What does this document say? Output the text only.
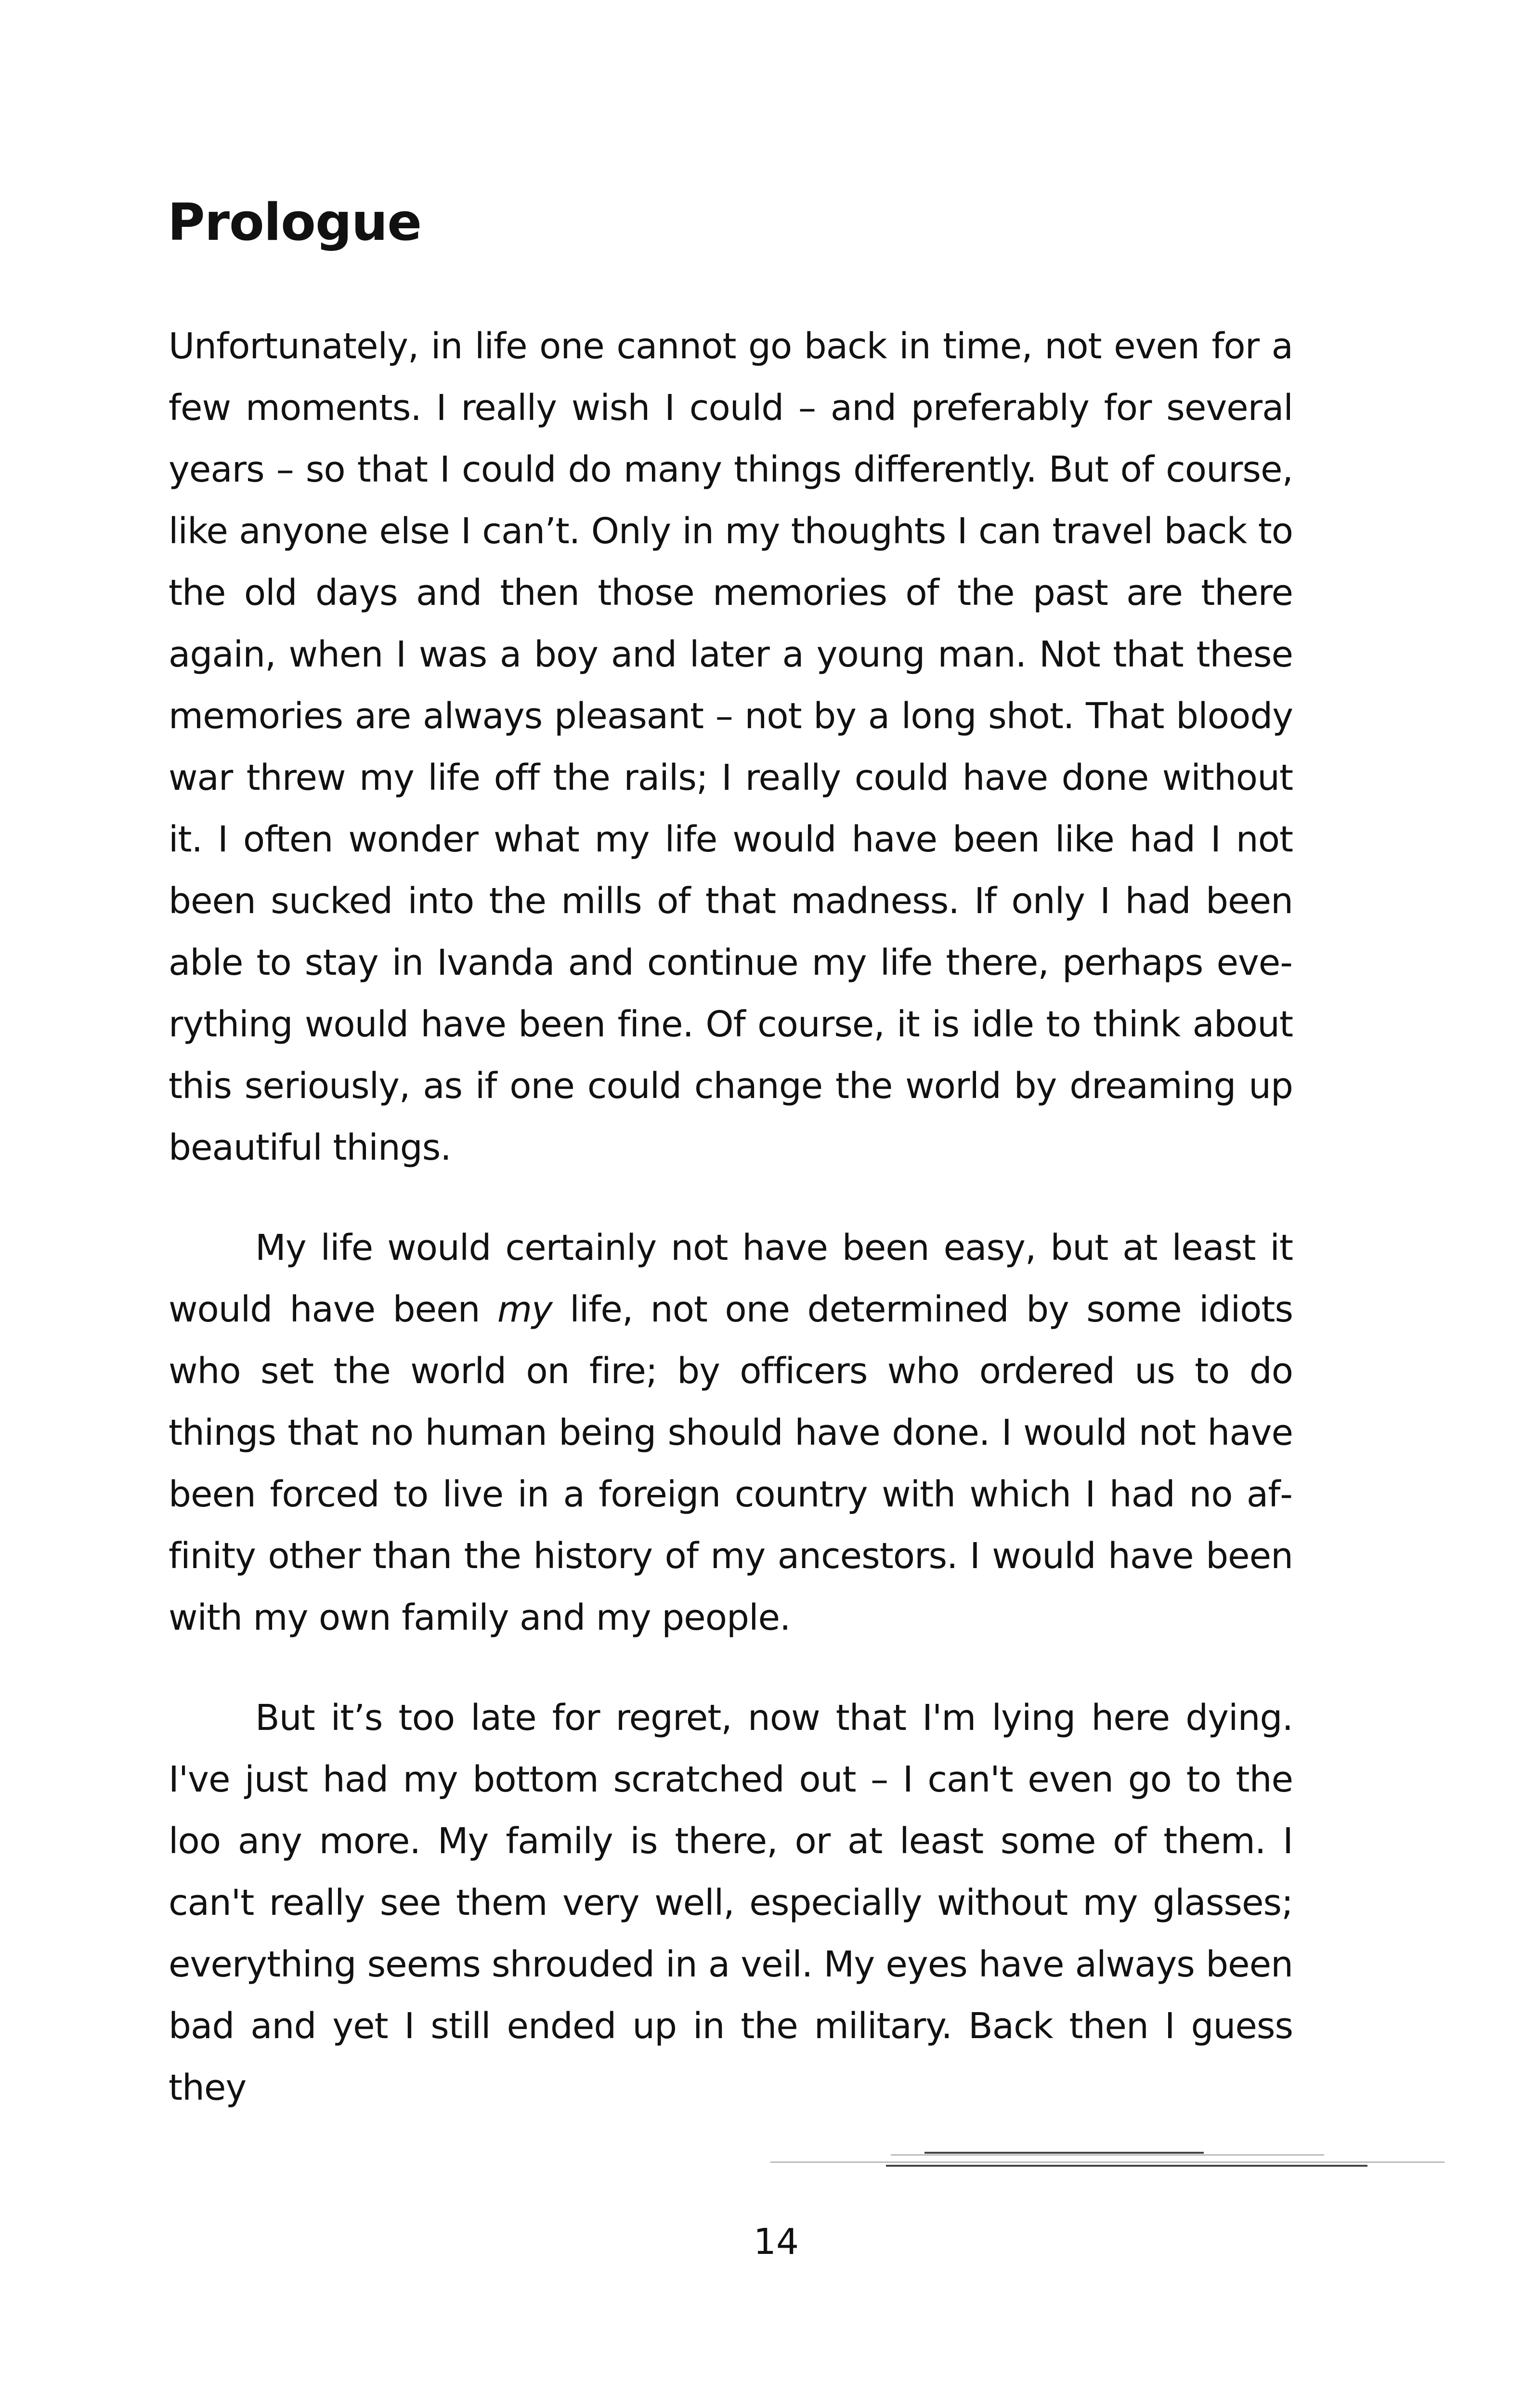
Prologue

Unfortunately, in life one cannot go back in time, not even for a few moments. I really wish I could – and preferably for several years – so that I could do many things differently. But of course, like anyone else I can’t. Only in my thoughts I can travel back to the old days and then those memories of the past are there again, when I was a boy and later a young man. Not that these memories are always pleasant – not by a long shot. That bloody war threw my life off the rails; I really could have done without it. I often wonder what my life would have been like had I not been sucked into the mills of that madness. If only I had been able to stay in Ivanda and continue my life there, perhaps everything would have been fine. Of course, it is idle to think about this seriously, as if one could change the world by dreaming up beautiful things.

My life would certainly not have been easy, but at least it would have been my life, not one determined by some idiots who set the world on fire; by officers who ordered us to do things that no human being should have done. I would not have been forced to live in a foreign country with which I had no affinity other than the history of my ancestors. I would have been with my own family and my people.

But it’s too late for regret, now that I'm lying here dying. I've just had my bottom scratched out – I can't even go to the loo any more. My family is there, or at least some of them. I can't really see them very well, especially without my glasses; everything seems shrouded in a veil. My eyes have always been bad and yet I still ended up in the military. Back then I guess they

14
